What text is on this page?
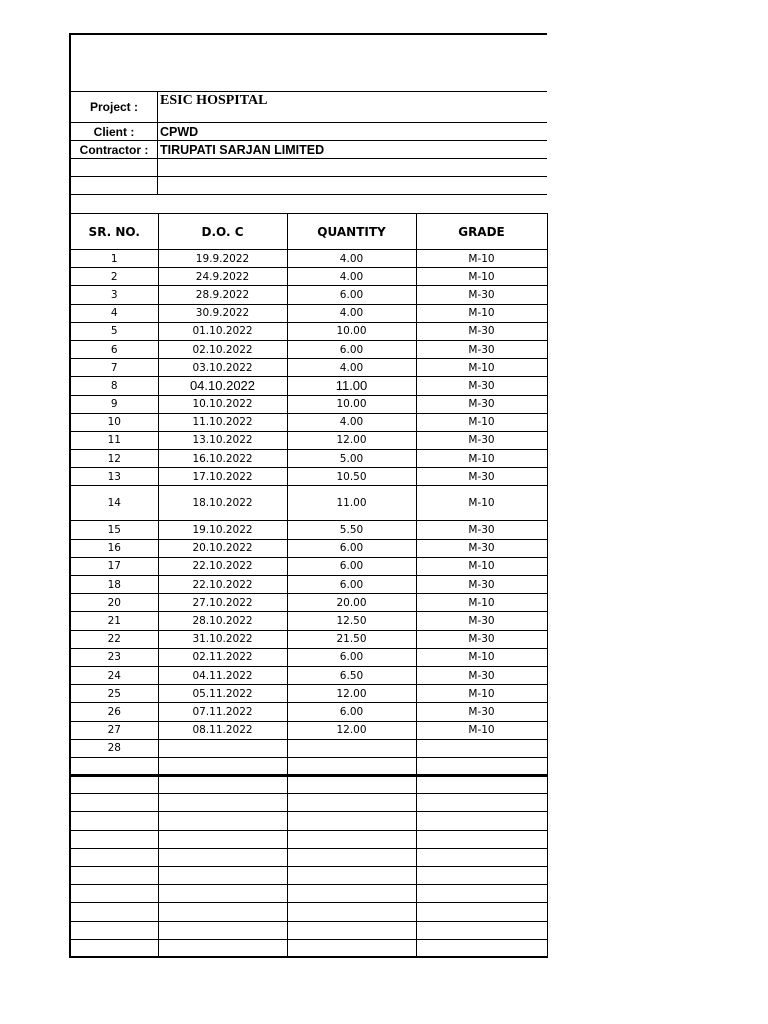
Project :	ESIC HOSPITAL
Client :	CPWD
Contractor : TIRUPATI SARJAN LIMITED
SR. NO.	D.O. C	QUANTITY	GRADE
1	19.9.2022	4.00	M-10
2	24.9.2022	4.00	M-10
3	28.9.2022	6.00	M-30
4	30.9.2022	4.00	M-10
5	01.10.2022	10.00	M-30
6	02.10.2022	6.00	M-30
7	03.10.2022	4.00	M-10
8	04.10.2022	11.00	M-30
9	10.10.2022	10.00	M-30
10	11.10.2022	4.00	M-10
11	13.10.2022	12.00	M-30
12	16.10.2022	5.00	M-10
13	17.10.2022	10.50	M-30
14	18.10.2022	11.00	M-10
15	19.10.2022	5.50	M-30
16	20.10.2022	6.00	M-30
17	22.10.2022	6.00	M-10
18	22.10.2022	6.00	M-30
20	27.10.2022	20.00	M-10
21	28.10.2022	12.50	M-30
22	31.10.2022	21.50	M-30
23	02.11.2022	6.00	M-10
24	04.11.2022	6.50	M-30
25	05.11.2022	12.00	M-10
26	07.11.2022	6.00	M-30
27	08.11.2022	12.00	M-10
28			
